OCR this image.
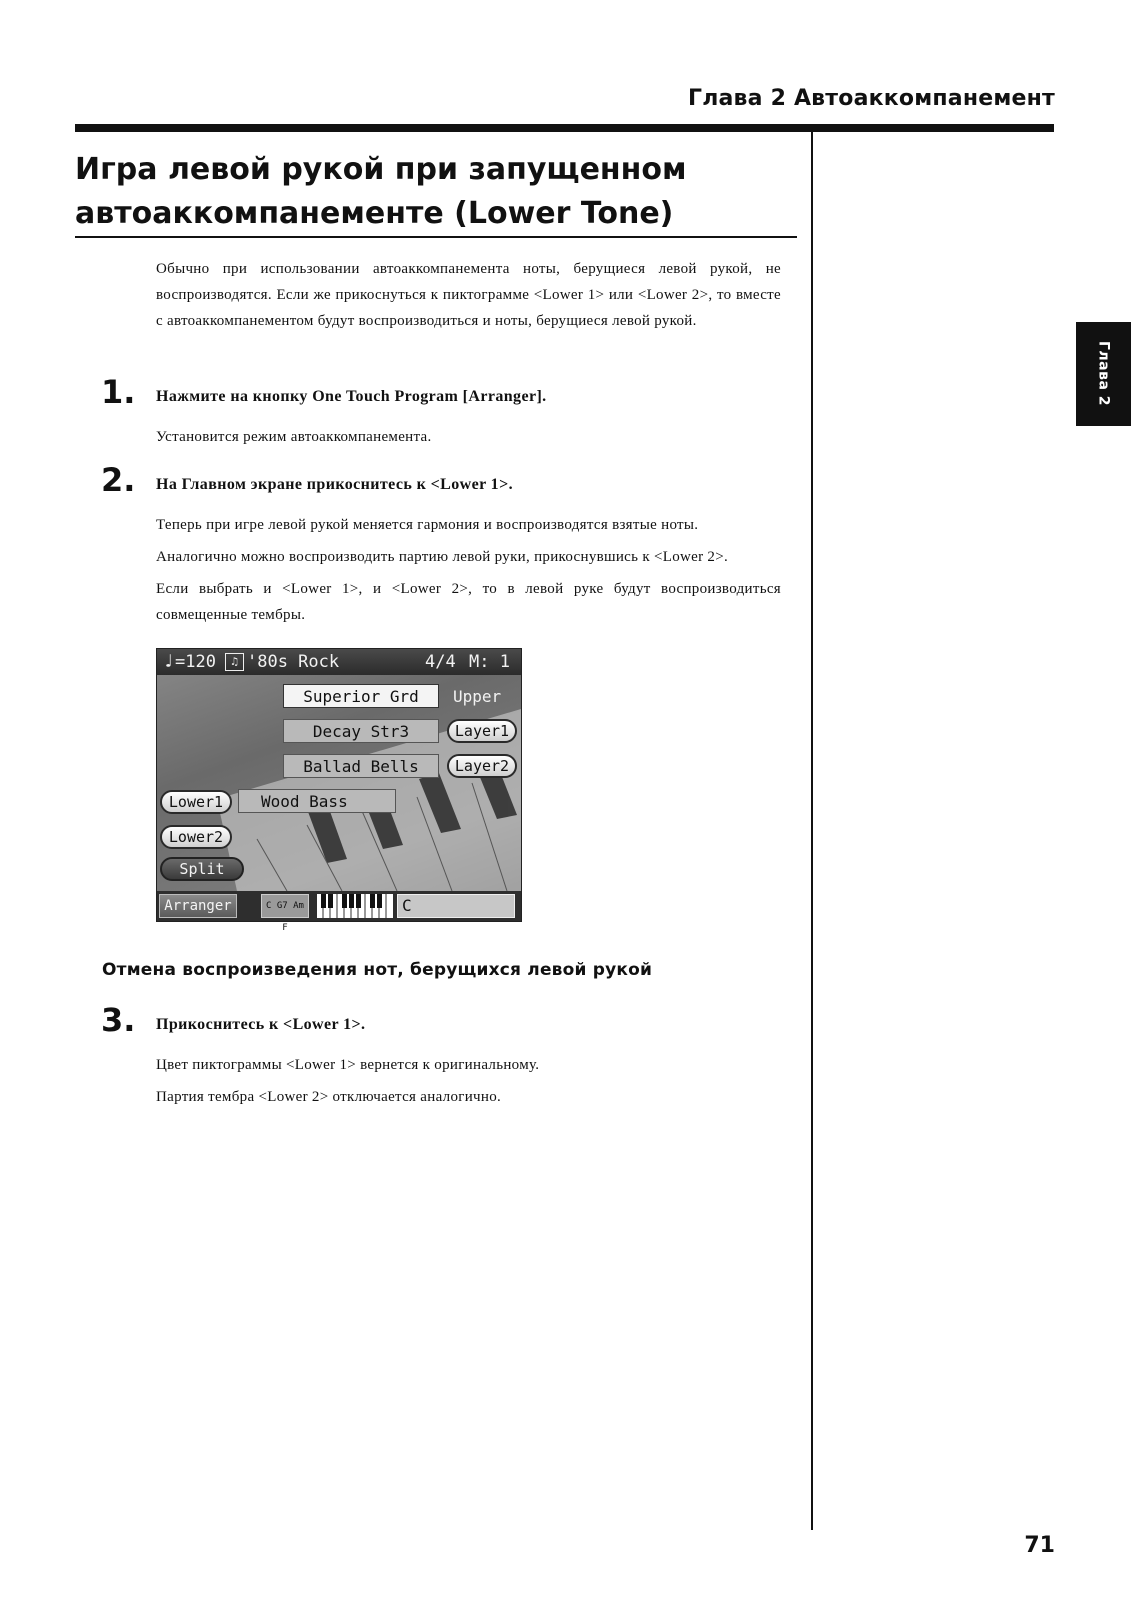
Глава 2 Автоаккомпанемент
Игра левой рукой при запущенном
автоаккомпанементе (Lower Tone)
Глава 2

Обычно при использовании автоаккомпанемента ноты, берущиеся левой рукой, не воспроизводятся. Если же прикоснуться к пиктограмме <Lower 1> или <Lower 2>, то вместе с автоаккомпанементом будут воспроизводиться и ноты, берущиеся левой рукой.

1. Нажмите на кнопку One Touch Program [Arranger].

Установится режим автоаккомпанемента.

2. На Главном экране прикоснитесь к <Lower 1>.

Теперь при игре левой рукой меняется гармония и воспроизводятся взятые ноты.

Аналогично можно воспроизводить партию левой руки, прикоснувшись к <Lower 2>.

Если выбрать и <Lower 1>, и <Lower 2>, то в левой руке будут воспроизводиться совмещенные тембры.

♩ =120	♫ '80s Rock	4/4 M: 1
Superior Grd	Upper
Decay Str3	Layer1
Ballad Bells	Layer2
Lower1	Wood Bass
Lower2
Split
Arranger	C G7 Am F
C
Отмена воспроизведения нот, берущихся левой рукой
3. Прикоснитесь к <Lower 1>.

Цвет пиктограммы <Lower 1> вернется к оригинальному.

Партия тембра <Lower 2> отключается аналогично.

71
